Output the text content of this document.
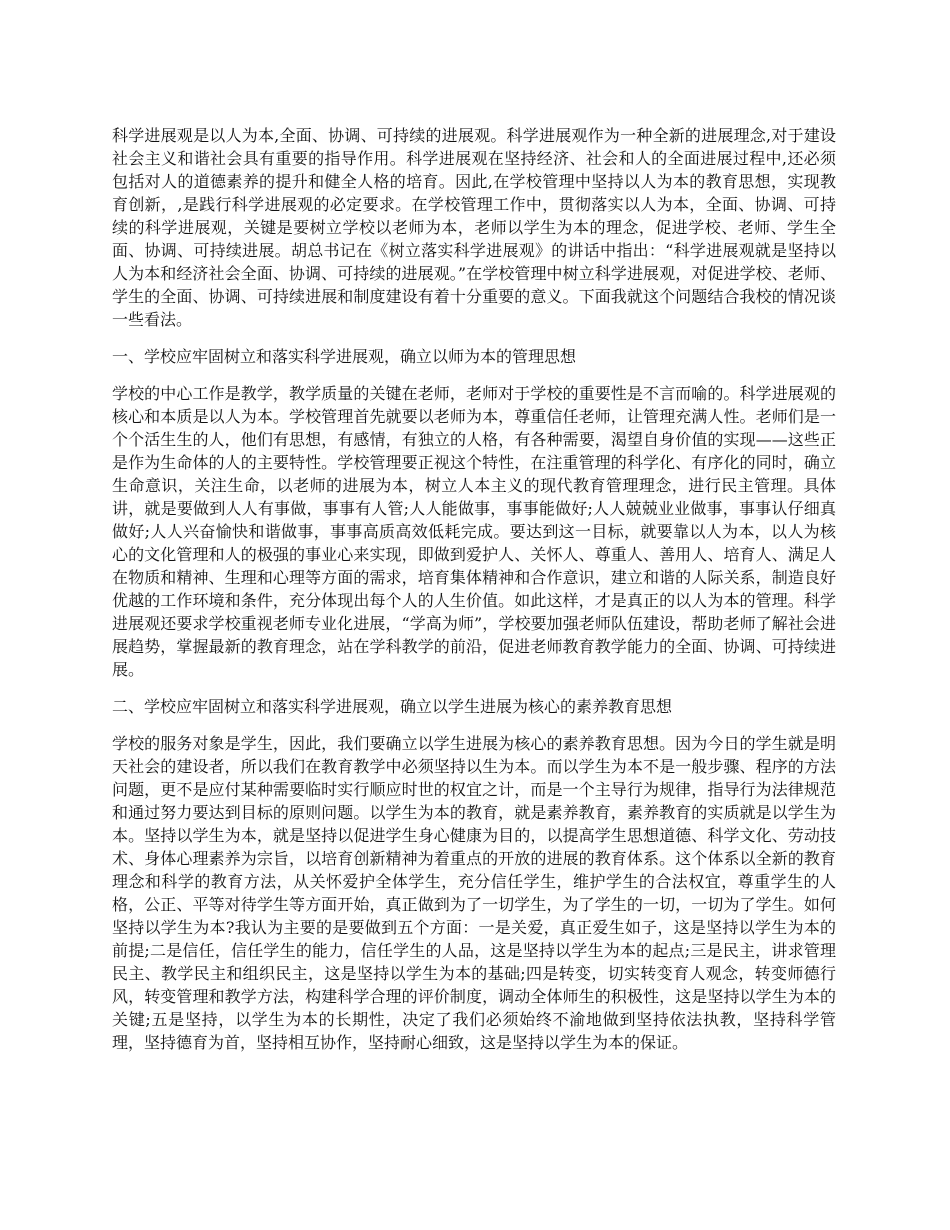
科学进展观是以人为本,全面、协调、可持续的进展观。科学进展观作为一种全新的进展理念,对于建设社会主义和谐社会具有重要的指导作用。科学进展观在坚持经济、社会和人的全面进展过程中,还必须包括对人的道德素养的提升和健全人格的培育。因此,在学校管理中坚持以人为本的教育思想，实现教育创新，,是践行科学进展观的必定要求。在学校管理工作中，贯彻落实以人为本，全面、协调、可持续的科学进展观，关键是要树立学校以老师为本，老师以学生为本的理念，促进学校、老师、学生全面、协调、可持续进展。胡总书记在《树立落实科学进展观》的讲话中指出：“科学进展观就是坚持以人为本和经济社会全面、协调、可持续的进展观。”在学校管理中树立科学进展观，对促进学校、老师、学生的全面、协调、可持续进展和制度建设有着十分重要的意义。下面我就这个问题结合我校的情况谈一些看法。

一、学校应牢固树立和落实科学进展观，确立以师为本的管理思想

学校的中心工作是教学，教学质量的关键在老师，老师对于学校的重要性是不言而喻的。科学进展观的核心和本质是以人为本。学校管理首先就要以老师为本，尊重信任老师，让管理充满人性。老师们是一个个活生生的人，他们有思想，有感情，有独立的人格，有各种需要，渴望自身价值的实现——这些正是作为生命体的人的主要特性。学校管理要正视这个特性，在注重管理的科学化、有序化的同时，确立生命意识，关注生命，以老师的进展为本，树立人本主义的现代教育管理理念，进行民主管理。具体讲，就是要做到人人有事做，事事有人管;人人能做事，事事能做好;人人兢兢业业做事，事事认仔细真做好;人人兴奋愉快和谐做事，事事高质高效低耗完成。要达到这一目标，就要靠以人为本，以人为核心的文化管理和人的极强的事业心来实现，即做到爱护人、关怀人、尊重人、善用人、培育人、满足人在物质和精神、生理和心理等方面的需求，培育集体精神和合作意识，建立和谐的人际关系，制造良好优越的工作环境和条件，充分体现出每个人的人生价值。如此这样，才是真正的以人为本的管理。科学进展观还要求学校重视老师专业化进展，“学高为师”，学校要加强老师队伍建设，帮助老师了解社会进展趋势，掌握最新的教育理念，站在学科教学的前沿，促进老师教育教学能力的全面、协调、可持续进展。

二、学校应牢固树立和落实科学进展观，确立以学生进展为核心的素养教育思想

学校的服务对象是学生，因此，我们要确立以学生进展为核心的素养教育思想。因为今日的学生就是明天社会的建设者，所以我们在教育教学中必须坚持以生为本。而以学生为本不是一般步骤、程序的方法问题，更不是应付某种需要临时实行顺应时世的权宜之计，而是一个主导行为规律，指导行为法律规范和通过努力要达到目标的原则问题。以学生为本的教育，就是素养教育，素养教育的实质就是以学生为本。坚持以学生为本，就是坚持以促进学生身心健康为目的，以提高学生思想道德、科学文化、劳动技术、身体心理素养为宗旨，以培育创新精神为着重点的开放的进展的教育体系。这个体系以全新的教育理念和科学的教育方法，从关怀爱护全体学生，充分信任学生，维护学生的合法权宜，尊重学生的人格，公正、平等对待学生等方面开始，真正做到为了一切学生，为了学生的一切，一切为了学生。如何坚持以学生为本?我认为主要的是要做到五个方面：一是关爱，真正爱生如子，这是坚持以学生为本的前提;二是信任，信任学生的能力，信任学生的人品，这是坚持以学生为本的起点;三是民主，讲求管理民主、教学民主和组织民主，这是坚持以学生为本的基础;四是转变，切实转变育人观念，转变师德行风，转变管理和教学方法，构建科学合理的评价制度，调动全体师生的积极性，这是坚持以学生为本的关键;五是坚持，以学生为本的长期性，决定了我们必须始终不渝地做到坚持依法执教，坚持科学管理，坚持德育为首，坚持相互协作，坚持耐心细致，这是坚持以学生为本的保证。
